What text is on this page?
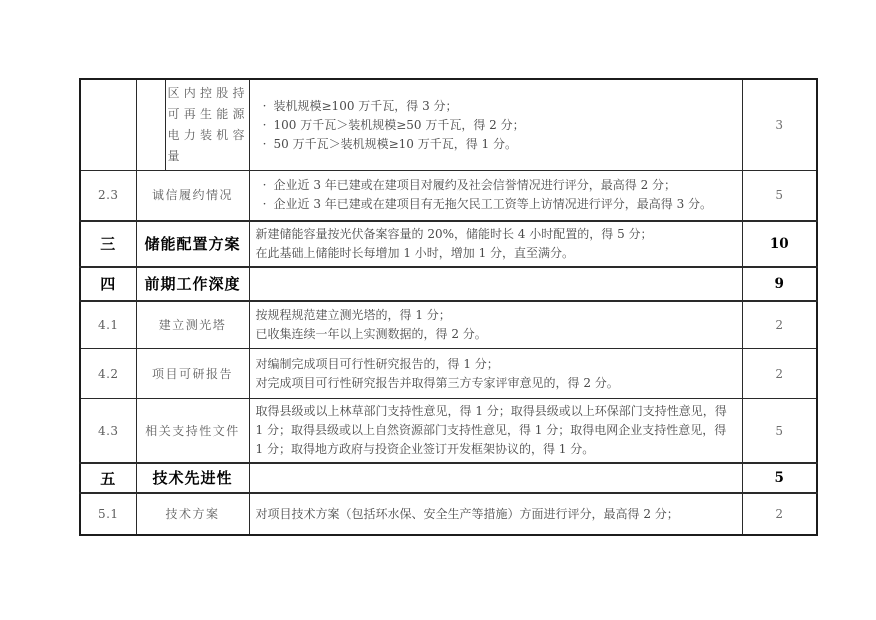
		区内控股持可再生能源电力装机容量	
· 装机规模≥100 万千瓦，得 3 分；
· 100 万千瓦＞装机规模≥50 万千瓦，得 2 分；
· 50 万千瓦＞装机规模≥10 万千瓦，得 1 分。
	3
2.3	诚信履约情况		· 企业近 3 年已建或在建项目对履约及社会信誉情况进行评分，最高得 2 分；
· 企业近 3 年已建或在建项目有无拖欠民工工资等上访情况进行评分，最高得 3 分。	5
三	储能配置方案		新建储能容量按光伏备案容量的 20%，储能时长 4 小时配置的，得 5 分；
在此基础上储能时长每增加 1 小时，增加 1 分，直至满分。	10
四	前期工作深度			9
4.1	建立测光塔		按规程规范建立测光塔的，得 1 分；
已收集连续一年以上实测数据的，得 2 分。	2
4.2	项目可研报告		对编制完成项目可行性研究报告的，得 1 分；
对完成项目可行性研究报告并取得第三方专家评审意见的，得 2 分。	2
4.3	相关支持性文件		取得县级或以上林草部门支持性意见，得 1 分；取得县级或以上环保部门支持性意见，得 1 分；取得县级或以上自然资源部门支持性意见，得 1 分；取得电网企业支持性意见，得 1 分；取得地方政府与投资企业签订开发框架协议的，得 1 分。	5
五	技术先进性			5
5.1	技术方案		对项目技术方案（包括环水保、安全生产等措施）方面进行评分，最高得 2 分；	2
